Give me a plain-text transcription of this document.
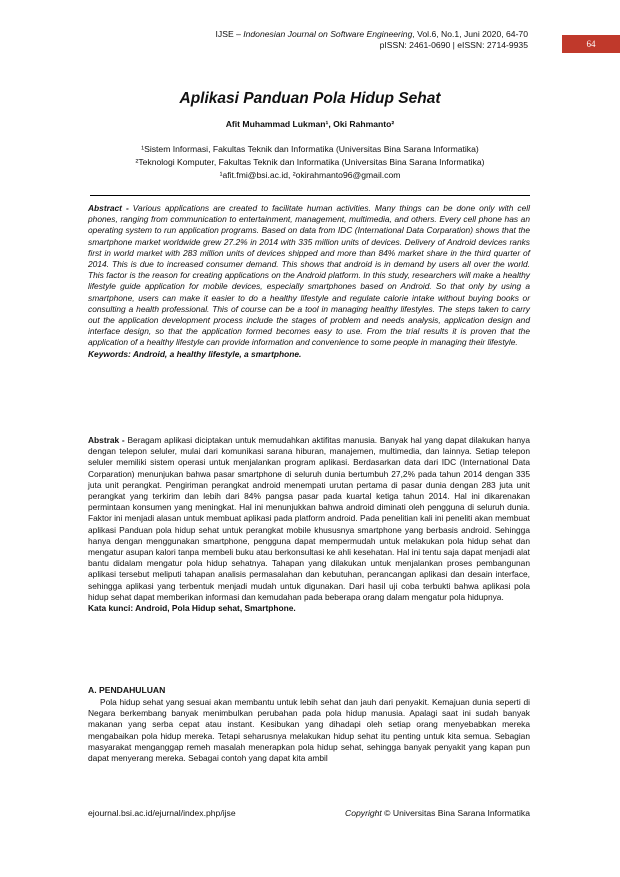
IJSE – Indonesian Journal on Software Engineering, Vol.6, No.1, Juni 2020, 64-70
pISSN: 2461-0690 | eISSN: 2714-9935	64
Aplikasi Panduan Pola Hidup Sehat
Afit Muhammad Lukman¹, Oki Rahmanto²
¹Sistem Informasi, Fakultas Teknik dan Informatika (Universitas Bina Sarana Informatika)
²Teknologi Komputer, Fakultas Teknik dan Informatika (Universitas Bina Sarana Informatika)
¹afit.fmi@bsi.ac.id, ²okirahmanto96@gmail.com
Abstract - Various applications are created to facilitate human activities. Many things can be done only with cell phones, ranging from communication to entertainment, management, multimedia, and others. Every cell phone has an operating system to run application programs. Based on data from IDC (International Data Corparation) shows that the smartphone market worldwide grew 27.2% in 2014 with 335 million units of devices. Delivery of Android devices ranks first in world market with 283 million units of devices shipped and more than 84% market share in the third quarter of 2014. This is due to increased consumer demand. This shows that android is in demand by users all over the world. This factor is the reason for creating applications on the Android platform. In this study, researchers will make a healthy lifestyle guide application for mobile devices, especially smartphones based on Android. So that only by using a smartphone, users can make it easier to do a healthy lifestyle and regulate calorie intake without buying books or consulting a health professional. This of course can be a tool in managing healthy lifestyles. The steps taken to carry out the application development process include the stages of problem and needs analysis, application design and interface design, so that the application formed becomes easy to use. From the trial results it is proven that the application of a healthy lifestyle can provide information and convenience to some people in managing their lifestyle.
Keywords: Android, a healthy lifestyle, a smartphone.
Abstrak - Beragam aplikasi diciptakan untuk memudahkan aktifitas manusia. Banyak hal yang dapat dilakukan hanya dengan telepon seluler, mulai dari komunikasi sarana hiburan, manajemen, multimedia, dan lainnya. Setiap telepon seluler memiliki sistem operasi untuk menjalankan program aplikasi. Berdasarkan data dari IDC (International Data Corparation) menunjukan bahwa pasar smartphone di seluruh dunia bertumbuh 27,2% pada tahun 2014 dengan 335 juta unit perangkat. Pengiriman perangkat android menempati urutan pertama di pasar dunia dengan 283 juta unit perangkat yang terkirim dan lebih dari 84% pangsa pasar pada kuartal ketiga tahun 2014. Hal ini dikarenakan permintaan konsumen yang meningkat. Hal ini menunjukkan bahwa android diminati oleh pengguna di seluruh dunia. Faktor ini menjadi alasan untuk membuat aplikasi pada platform android. Pada penelitian kali ini peneliti akan membuat aplikasi Panduan pola hidup sehat untuk perangkat mobile khususnya smartphone yang berbasis android. Sehingga hanya dengan menggunakan smartphone, pengguna dapat mempermudah untuk melakukan pola hidup sehat dan mengatur asupan kalori tanpa membeli buku atau berkonsultasi ke ahli kesehatan. Hal ini tentu saja dapat menjadi alat bantu didalam mengatur pola hidup sehatnya. Tahapan yang dilakukan untuk menjalankan proses pembangunan aplikasi tersebut meliputi tahapan analisis permasalahan dan kebutuhan, perancangan aplikasi dan desain interface, sehingga aplikasi yang terbentuk menjadi mudah untuk digunakan. Dari hasil uji coba terbukti bahwa aplikasi pola hidup sehat dapat memberikan informasi dan kemudahan pada beberapa orang dalam mengatur pola hidupnya.
Kata kunci: Android, Pola Hidup sehat, Smartphone.
A. PENDAHULUAN
Pola hidup sehat yang sesuai akan membantu untuk lebih sehat dan jauh dari penyakit. Kemajuan dunia seperti di Negara berkembang banyak menimbulkan perubahan pada pola hidup manusia. Apalagi saat ini sudah banyak makanan yang serba cepat atau instant. Kesibukan yang dihadapi oleh setiap orang menyebabkan mereka mengabaikan pola hidup mereka. Tetapi seharusnya melakukan hidup sehat itu penting untuk kita semua. Sebagian masyarakat menganggap remeh masalah menerapkan pola hidup sehat, sehingga banyak penyakit yang kapan pun dapat menyerang mereka. Sebagai contoh yang dapat kita ambil
ejournal.bsi.ac.id/ejurnal/index.php/ijse	Copyright © Universitas Bina Sarana Informatika
